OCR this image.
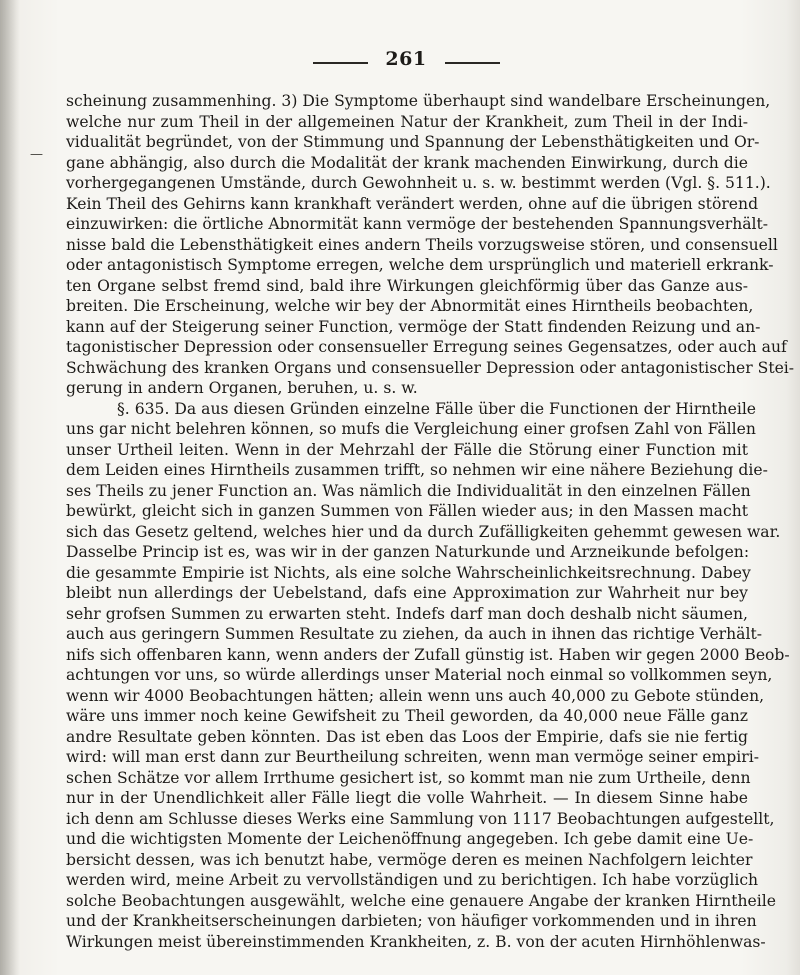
261
—
scheinung zusammenhing. 3) Die Symptome überhaupt sind wandelbare Erscheinungen,
welche nur zum Theil in der allgemeinen Natur der Krankheit, zum Theil in der Indi-
vidualität begründet, von der Stimmung und Spannung der Lebensthätigkeiten und Or-
gane abhängig, also durch die Modalität der krank machenden Einwirkung, durch die
vorhergegangenen Umstände, durch Gewohnheit u. s. w. bestimmt werden (Vgl. §. 511.).
Kein Theil des Gehirns kann krankhaft verändert werden, ohne auf die übrigen störend
einzuwirken: die örtliche Abnormität kann vermöge der bestehenden Spannungsverhält-
nisse bald die Lebensthätigkeit eines andern Theils vorzugsweise stören, und consensuell
oder antagonistisch Symptome erregen, welche dem ursprünglich und materiell erkrank-
ten Organe selbst fremd sind, bald ihre Wirkungen gleichförmig über das Ganze aus-
breiten. Die Erscheinung, welche wir bey der Abnormität eines Hirntheils beobachten,
kann auf der Steigerung seiner Function, vermöge der Statt findenden Reizung und an-
tagonistischer Depression oder consensueller Erregung seines Gegensatzes, oder auch auf
Schwächung des kranken Organs und consensueller Depression oder antagonistischer Stei-
gerung in andern Organen, beruhen, u. s. w.
§. 635. Da aus diesen Gründen einzelne Fälle über die Functionen der Hirntheile
uns gar nicht belehren können, so mufs die Vergleichung einer grofsen Zahl von Fällen
unser Urtheil leiten. Wenn in der Mehrzahl der Fälle die Störung einer Function mit
dem Leiden eines Hirntheils zusammen trifft, so nehmen wir eine nähere Beziehung die-
ses Theils zu jener Function an. Was nämlich die Individualität in den einzelnen Fällen
bewürkt, gleicht sich in ganzen Summen von Fällen wieder aus; in den Massen macht
sich das Gesetz geltend, welches hier und da durch Zufälligkeiten gehemmt gewesen war.
Dasselbe Princip ist es, was wir in der ganzen Naturkunde und Arzneikunde befolgen:
die gesammte Empirie ist Nichts, als eine solche Wahrscheinlichkeitsrechnung. Dabey
bleibt nun allerdings der Uebelstand, dafs eine Approximation zur Wahrheit nur bey
sehr grofsen Summen zu erwarten steht. Indefs darf man doch deshalb nicht säumen,
auch aus geringern Summen Resultate zu ziehen, da auch in ihnen das richtige Verhält-
nifs sich offenbaren kann, wenn anders der Zufall günstig ist. Haben wir gegen 2000 Beob-
achtungen vor uns, so würde allerdings unser Material noch einmal so vollkommen seyn,
wenn wir 4000 Beobachtungen hätten; allein wenn uns auch 40,000 zu Gebote stünden,
wäre uns immer noch keine Gewifsheit zu Theil geworden, da 40,000 neue Fälle ganz
andre Resultate geben könnten. Das ist eben das Loos der Empirie, dafs sie nie fertig
wird: will man erst dann zur Beurtheilung schreiten, wenn man vermöge seiner empiri-
schen Schätze vor allem Irrthume gesichert ist, so kommt man nie zum Urtheile, denn
nur in der Unendlichkeit aller Fälle liegt die volle Wahrheit. — In diesem Sinne habe
ich denn am Schlusse dieses Werks eine Sammlung von 1117 Beobachtungen aufgestellt,
und die wichtigsten Momente der Leichenöffnung angegeben. Ich gebe damit eine Ue-
bersicht dessen, was ich benutzt habe, vermöge deren es meinen Nachfolgern leichter
werden wird, meine Arbeit zu vervollständigen und zu berichtigen. Ich habe vorzüglich
solche Beobachtungen ausgewählt, welche eine genauere Angabe der kranken Hirntheile
und der Krankheitserscheinungen darbieten; von häufiger vorkommenden und in ihren
Wirkungen meist übereinstimmenden Krankheiten, z. B. von der acuten Hirnhöhlenwas-
